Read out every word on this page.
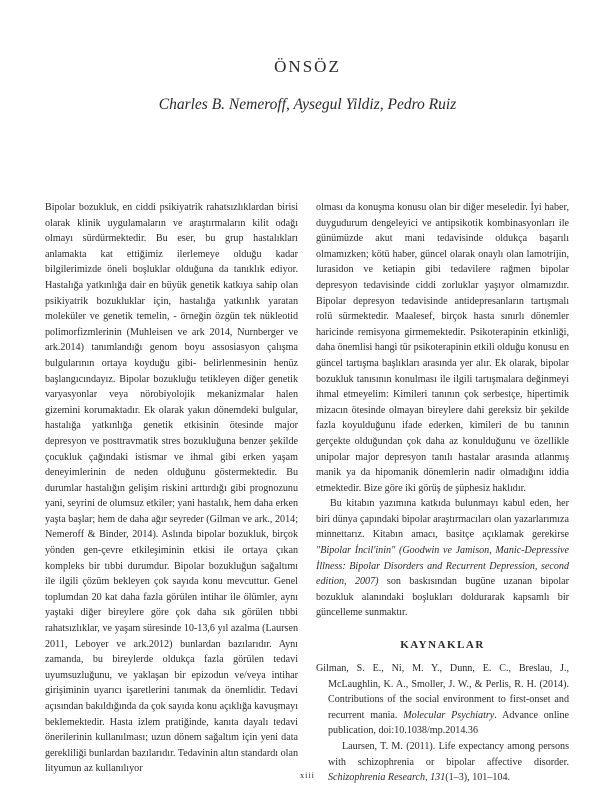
ÖNSÖZ

Charles B. Nemeroff, Aysegul Yildiz, Pedro Ruiz

Bipolar bozukluk, en ciddi psikiyatrik rahatsızlıklardan birisi olarak klinik uygulamaların ve araştırmaların kilit odağı olmayı sürdürmektedir. Bu eser, bu grup hastalıkları anlamakta kat ettiğimiz ilerlemeye olduğu kadar bilgilerimizde öneli boşluklar olduğuna da tanıklık ediyor. Hastalığa yatkınlığa dair en büyük genetik katkıya sahip olan psikiyatrik bozukluklar için, hastalığa yatkınlık yaratan moleküler ve genetik temelin, - örneğin özgün tek nükleotid polimorfizmlerinin (Muhleisen ve ark 2014, Nurnberger ve ark.2014) tanımlandığı genom boyu assosiasyon çalışma bulgularının ortaya koyduğu gibi- belirlenmesinin henüz başlangıcındayız. Bipolar bozukluğu tetikleyen diğer genetik varyasyonlar veya nörobiyolojik mekanizmalar halen gizemini korumaktadır. Ek olarak yakın dönemdeki bulgular, hastalığa yatkınlığa genetik etkisinin ötesinde major depresyon ve posttravmatik stres bozukluğuna benzer şekilde çocukluk çağındaki istismar ve ihmal gibi erken yaşam deneyimlerinin de neden olduğunu göstermektedir. Bu durumlar hastalığın gelişim riskini arttırdığı gibi prognozunu yani, seyrini de olumsuz etkiler; yani hastalık, hem daha erken yaşta başlar; hem de daha ağır seyreder (Gilman ve ark., 2014; Nemeroff & Binder, 2014). Aslında bipolar bozukluk, birçok yönden gen-çevre etkileşiminin etkisi ile ortaya çıkan kompleks bir tıbbi durumdur. Bipolar bozukluğun sağaltımı ile ilgili çözüm bekleyen çok sayıda konu mevcuttur. Genel toplumdan 20 kat daha fazla görülen intihar ile ölümler, aynı yaştaki diğer bireylere göre çok daha sık görülen tıbbi rahatsızlıklar, ve yaşam süresinde 10-13,6 yıl azalma (Laursen 2011, Leboyer ve ark.2012) bunlardan bazılarıdır. Aynı zamanda, bu bireylerde oldukça fazla görülen tedavi uyumsuzluğunu, ve yaklaşan bir epizodun ve/veya intihar girişiminin uyarıcı işaretlerini tanımak da önemlidir. Tedavi açısından bakıldığında da çok sayıda konu açıklığa kavuşmayı beklemektedir. Hasta izlem pratiğinde, kanıta dayalı tedavi önerilerinin kullanılması; uzun dönem sağaltım için yeni data gerekliliği bunlardan bazılarıdır. Tedavinin altın standardı olan lityumun az kullanılıyor

olması da konuşma konusu olan bir diğer meseledir. İyi haber, duygudurum dengeleyici ve antipsikotik kombinasyonları ile günümüzde akut mani tedavisinde oldukça başarılı olmamızken; kötü haber, güncel olarak onaylı olan lamotrijin, lurasidon ve ketiapin gibi tedavilere rağmen bipolar depresyon tedavisinde ciddi zorluklar yaşıyor olmamızdır. Bipolar depresyon tedavisinde antidepresanların tartışmalı rolü sürmektedir. Maalesef, birçok hasta sınırlı dönemler haricinde remisyona girmemektedir. Psikoterapinin etkinliği, daha önemlisi hangi tür psikoterapinin etkili olduğu konusu en güncel tartışma başlıkları arasında yer alır. Ek olarak, bipolar bozukluk tanısının konulması ile ilgili tartışmalara değinmeyi ihmal etmeyelim: Kimileri tanının çok serbestçe, hipertimik mizacın ötesinde olmayan bireylere dahi gereksiz bir şekilde fazla koyulduğunu ifade ederken, kimileri de bu tanının gerçekte olduğundan çok daha az konulduğunu ve özellikle unipolar major depresyon tanılı hastalar arasında atlanmış manik ya da hipomanik dönemlerin nadir olmadığını iddia etmektedir. Bize göre iki görüş de şüphesiz haklıdır.

Bu kitabın yazımına katkıda bulunmayı kabul eden, her biri dünya çapındaki bipolar araştırmacıları olan yazarlarımıza minnettarız. Kitabın amacı, basitçe açıklamak gerekirse "Bipolar İncil'inin" (Goodwin ve Jamison, Manic-Depressive İllness: Bipolar Disorders and Recurrent Depression, second edition, 2007) son baskısından bugüne uzanan bipolar bozukluk alanındaki boşlukları doldurarak kapsamlı bir güncelleme sunmaktır.

KAYNAKLAR

Gilman, S. E., Ni, M. Y., Dunn, E. C., Breslau, J., McLaughlin, K. A., Smoller, J. W., & Perlis, R. H. (2014). Contributions of the social environment to first-onset and recurrent mania. Molecular Psychiatry. Advance online publication, doi:10.1038/mp.2014.36

Laursen, T. M. (2011). Life expectancy among persons with schizophrenia or bipolar affective disorder. Schizophrenia Research, 131(1–3), 101–104.

xiii
